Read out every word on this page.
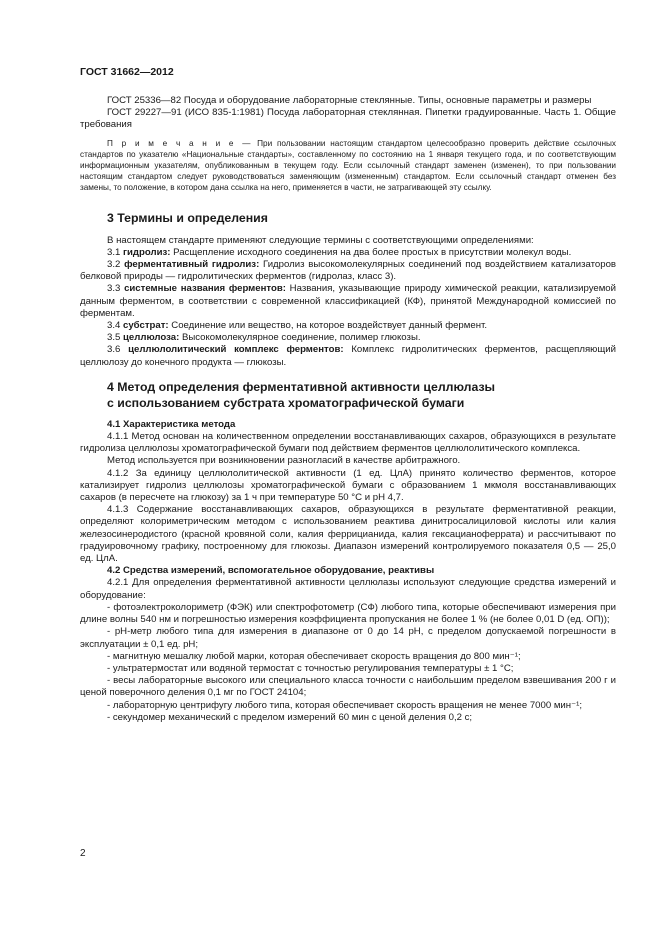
ГОСТ 31662—2012

ГОСТ 25336—82 Посуда и оборудование лабораторные стеклянные. Типы, основные параметры и размеры

ГОСТ 29227—91 (ИСО 835-1:1981) Посуда лабораторная стеклянная. Пипетки градуированные. Часть 1. Общие требования

П р и м е ч а н и е — При пользовании настоящим стандартом целесообразно проверить действие ссылочных стандартов по указателю «Национальные стандарты», составленному по состоянию на 1 января текущего года, и по соответствующим информационным указателям, опубликованным в текущем году. Если ссылочный стандарт заменен (изменен), то при пользовании настоящим стандартом следует руководствоваться заменяющим (измененным) стандартом. Если ссылочный стандарт отменен без замены, то положение, в котором дана ссылка на него, применяется в части, не затрагивающей эту ссылку.

3 Термины и определения

В настоящем стандарте применяют следующие термины с соответствующими определениями:

3.1 гидролиз: Расщепление исходного соединения на два более простых в присутствии молекул воды.

3.2 ферментативный гидролиз: Гидролиз высокомолекулярных соединений под воздействием катализаторов белковой природы — гидролитических ферментов (гидролаз, класс 3).

3.3 системные названия ферментов: Названия, указывающие природу химической реакции, катализируемой данным ферментом, в соответствии с современной классификацией (КФ), принятой Международной комиссией по ферментам.

3.4 субстрат: Соединение или вещество, на которое воздействует данный фермент.

3.5 целлюлоза: Высокомолекулярное соединение, полимер глюкозы.

3.6 целлюлолитический комплекс ферментов: Комплекс гидролитических ферментов, расщепляющий целлюлозу до конечного продукта — глюкозы.

4 Метод определения ферментативной активности целлюлазы
с использованием субстрата хроматографической бумаги
4.1 Характеристика метода

4.1.1 Метод основан на количественном определении восстанавливающих сахаров, образующихся в результате гидролиза целлюлозы хроматографической бумаги под действием ферментов целлюлолитического комплекса.

Метод используется при возникновении разногласий в качестве арбитражного.

4.1.2 За единицу целлюлолитической активности (1 ед. ЦлА) принято количество ферментов, которое катализирует гидролиз целлюлозы хроматографической бумаги с образованием 1 мкмоля восстанавливающих сахаров (в пересчете на глюкозу) за 1 ч при температуре 50 °С и pH 4,7.

4.1.3 Содержание восстанавливающих сахаров, образующихся в результате ферментативной реакции, определяют колориметрическим методом с использованием реактива динитросалициловой кислоты или калия железосинеродистого (красной кровяной соли, калия феррицианида, калия гексацианоферрата) и рассчитывают по градуировочному графику, построенному для глюкозы. Диапазон измерений контролируемого показателя 0,5 — 25,0 ед. ЦлА.

4.2 Средства измерений, вспомогательное оборудование, реактивы

4.2.1 Для определения ферментативной активности целлюлазы используют следующие средства измерений и оборудование:

- фотоэлектроколориметр (ФЭК) или спектрофотометр (СФ) любого типа, которые обеспечивают измерения при длине волны 540 нм и погрешностью измерения коэффициента пропускания не более 1 % (не более 0,01 D (ед. ОП));

- pH-метр любого типа для измерения в диапазоне от 0 до 14 pH, с пределом допускаемой погрешности в эксплуатации ± 0,1 ед. pH;

- магнитную мешалку любой марки, которая обеспечивает скорость вращения до 800 мин⁻¹;

- ультратермостат или водяной термостат с точностью регулирования температуры ± 1 °С;

- весы лабораторные высокого или специального класса точности с наибольшим пределом взвешивания 200 г и ценой поверочного деления 0,1 мг по ГОСТ 24104;

- лабораторную центрифугу любого типа, которая обеспечивает скорость вращения не менее 7000 мин⁻¹;

- секундомер механический с пределом измерений 60 мин с ценой деления 0,2 с;

2
